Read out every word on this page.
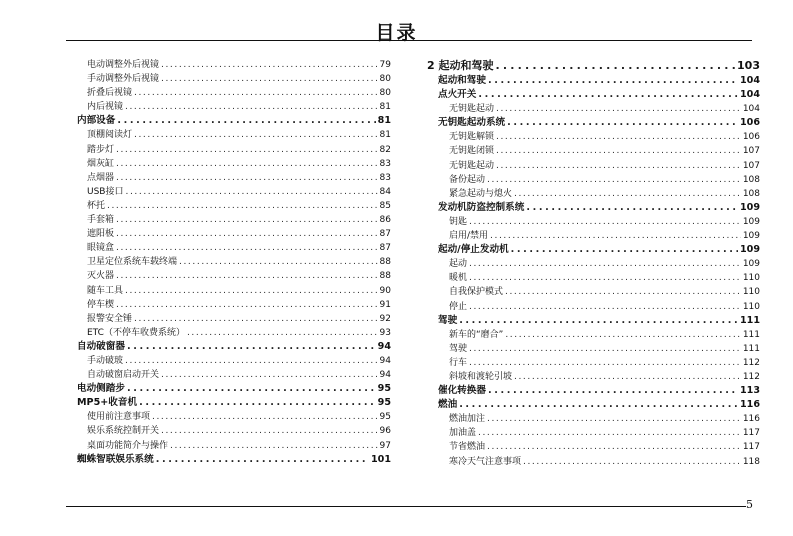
目录
电动调整外后视镜 .....	79
手动调整外后视镜 .....	80
折叠后视镜 .....	80
内后视镜 .....	81
内部设备 .....	81
顶棚阅读灯 .....	81
踏步灯 .....	82
烟灰缸 .....	83
点烟器 .....	83
USB接口 .....	84
杯托 .....	85
手套箱 .....	86
遮阳板 .....	87
眼镜盒 .....	87
卫星定位系统车载终端 .....	88
灭火器 .....	88
随车工具 .....	90
停车楔 .....	91
报警安全锤 .....	92
ETC（不停车收费系统） .....	93
自动破窗器 .....	94
手动破玻 .....	94
自动破窗启动开关 .....	94
电动侧踏步 .....	95
MP5+收音机 .....	95
使用前注意事项 .....	95
娱乐系统控制开关 .....	96
桌面功能简介与操作 .....	97
蜘蛛智联娱乐系统 .....	101
2 起动和驾驶 .....	103
起动和驾驶 .....	104
点火开关 .....	104
无钥匙起动 .....	104
无钥匙起动系统 .....	106
无钥匙解锁 .....	106
无钥匙闭锁 .....	107
无钥匙起动 .....	107
备份起动 .....	108
紧急起动与熄火 .....	108
发动机防盗控制系统 .....	109
钥匙 .....	109
启用/禁用 .....	109
起动/停止发动机 .....	109
起动 .....	109
暖机 .....	110
自我保护模式 .....	110
停止 .....	110
驾驶 .....	111
新车的“磨合” .....	111
驾驶 .....	111
行车 .....	112
斜坡和渡轮引坡 .....	112
催化转换器 .....	113
燃油 .....	116
燃油加注 .....	116
加油盖 .....	117
节省燃油 .....	117
寒冷天气注意事项 .....	118
5
